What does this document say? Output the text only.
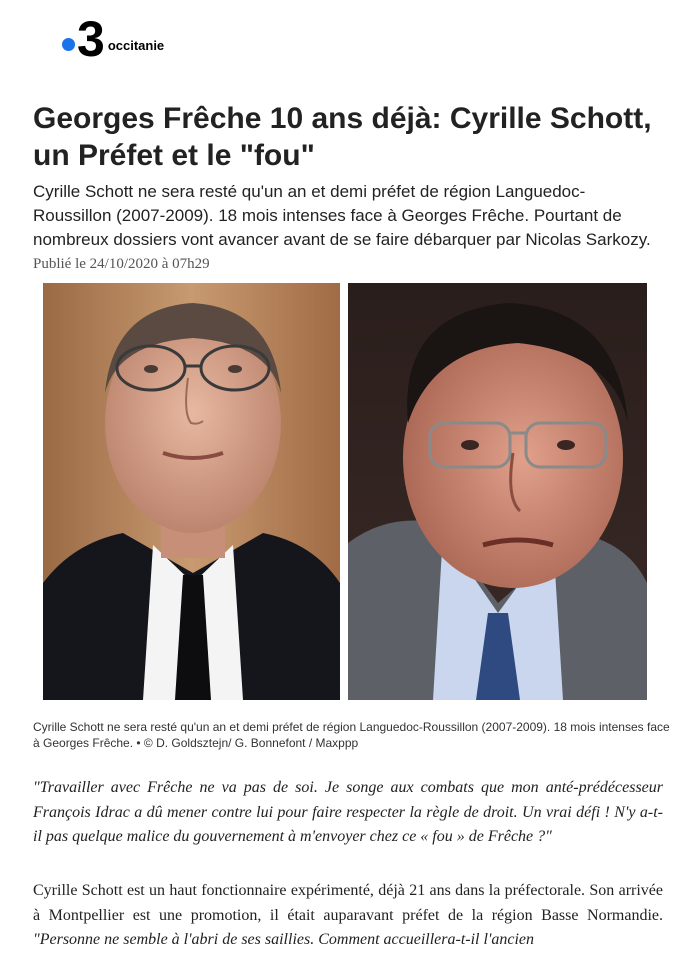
3 occitanie
Georges Frêche 10 ans déjà: Cyrille Schott, un Préfet et le "fou"

Cyrille Schott ne sera resté qu'un an et demi préfet de région Languedoc-Roussillon (2007-2009). 18 mois intenses face à Georges Frêche. Pourtant de nombreux dossiers vont avancer avant de se faire débarquer par Nicolas Sarkozy.

Publié le 24/10/2020 à 07h29

Cyrille Schott ne sera resté qu'un an et demi préfet de région Languedoc-Roussillon (2007-2009). 18 mois intenses face à Georges Frêche. • © D. Goldsztejn/ G. Bonnefont / Maxppp

"Travailler avec Frêche ne va pas de soi. Je songe aux combats que mon anté-prédécesseur François Idrac a dû mener contre lui pour faire respecter la règle de droit. Un vrai défi ! N'y a-t-il pas quelque malice du gouvernement à m'envoyer chez ce « fou » de Frêche ?"

Cyrille Schott est un haut fonctionnaire expérimenté, déjà 21 ans dans la préfectorale. Son arrivée à Montpellier est une promotion, il était auparavant préfet de la région Basse Normandie. "Personne ne semble à l'abri de ses saillies. Comment accueillera-t-il l'ancien
